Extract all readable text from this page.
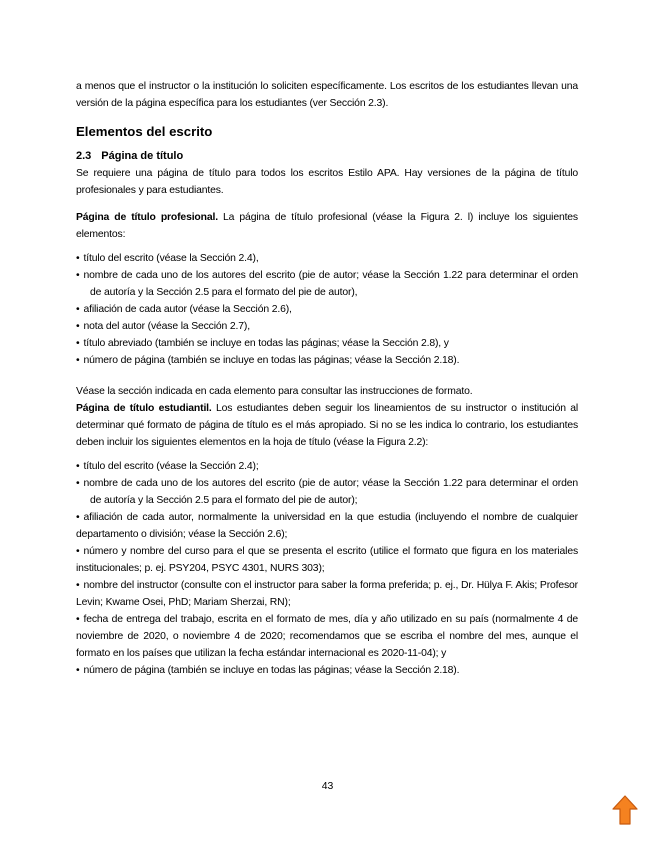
a menos que el instructor o la institución lo soliciten específicamente. Los escritos de los estudiantes llevan una versión de la página específica para los estudiantes (ver Sección 2.3).

Elementos del escrito
2.3 Página de título

Se requiere una página de título para todos los escritos Estilo APA. Hay versiones de la página de título profesionales y para estudiantes.

Página de título profesional. La página de título profesional (véase la Figura 2. l) incluye los siguientes elementos:

• título del escrito (véase la Sección 2.4),
• nombre de cada uno de los autores del escrito (pie de autor; véase la Sección 1.22 para determinar el orden de autoría y la Sección 2.5 para el formato del pie de autor),
• afiliación de cada autor (véase la Sección 2.6),
• nota del autor (véase la Sección 2.7),
• título abreviado (también se incluye en todas las páginas; véase la Sección 2.8), y
• número de página (también se incluye en todas las páginas; véase la Sección 2.18).

Véase la sección indicada en cada elemento para consultar las instrucciones de formato.

Página de título estudiantil. Los estudiantes deben seguir los lineamientos de su instructor o institución al determinar qué formato de página de título es el más apropiado. Si no se les indica lo contrario, los estudiantes deben incluir los siguientes elementos en la hoja de título (véase la Figura 2.2):

• título del escrito (véase la Sección 2.4);
• nombre de cada uno de los autores del escrito (pie de autor; véase la Sección 1.22 para determinar el orden de autoría y la Sección 2.5 para el formato del pie de autor);
• afiliación de cada autor, normalmente la universidad en la que estudia (incluyendo el nombre de cualquier departamento o división; véase la Sección 2.6);
• número y nombre del curso para el que se presenta el escrito (utilice el formato que figura en los materiales institucionales; p. ej. PSY204, PSYC 4301, NURS 303);
• nombre del instructor (consulte con el instructor para saber la forma preferida; p. ej., Dr. Hülya F. Akis; Profesor Levin; Kwame Osei, PhD; Mariam Sherzai, RN);
• fecha de entrega del trabajo, escrita en el formato de mes, día y año utilizado en su país (normalmente 4 de noviembre de 2020, o noviembre 4 de 2020; recomendamos que se escriba el nombre del mes, aunque el formato en los países que utilizan la fecha estándar internacional es 2020-11-04); y
• número de página (también se incluye en todas las páginas; véase la Sección 2.18).
43
